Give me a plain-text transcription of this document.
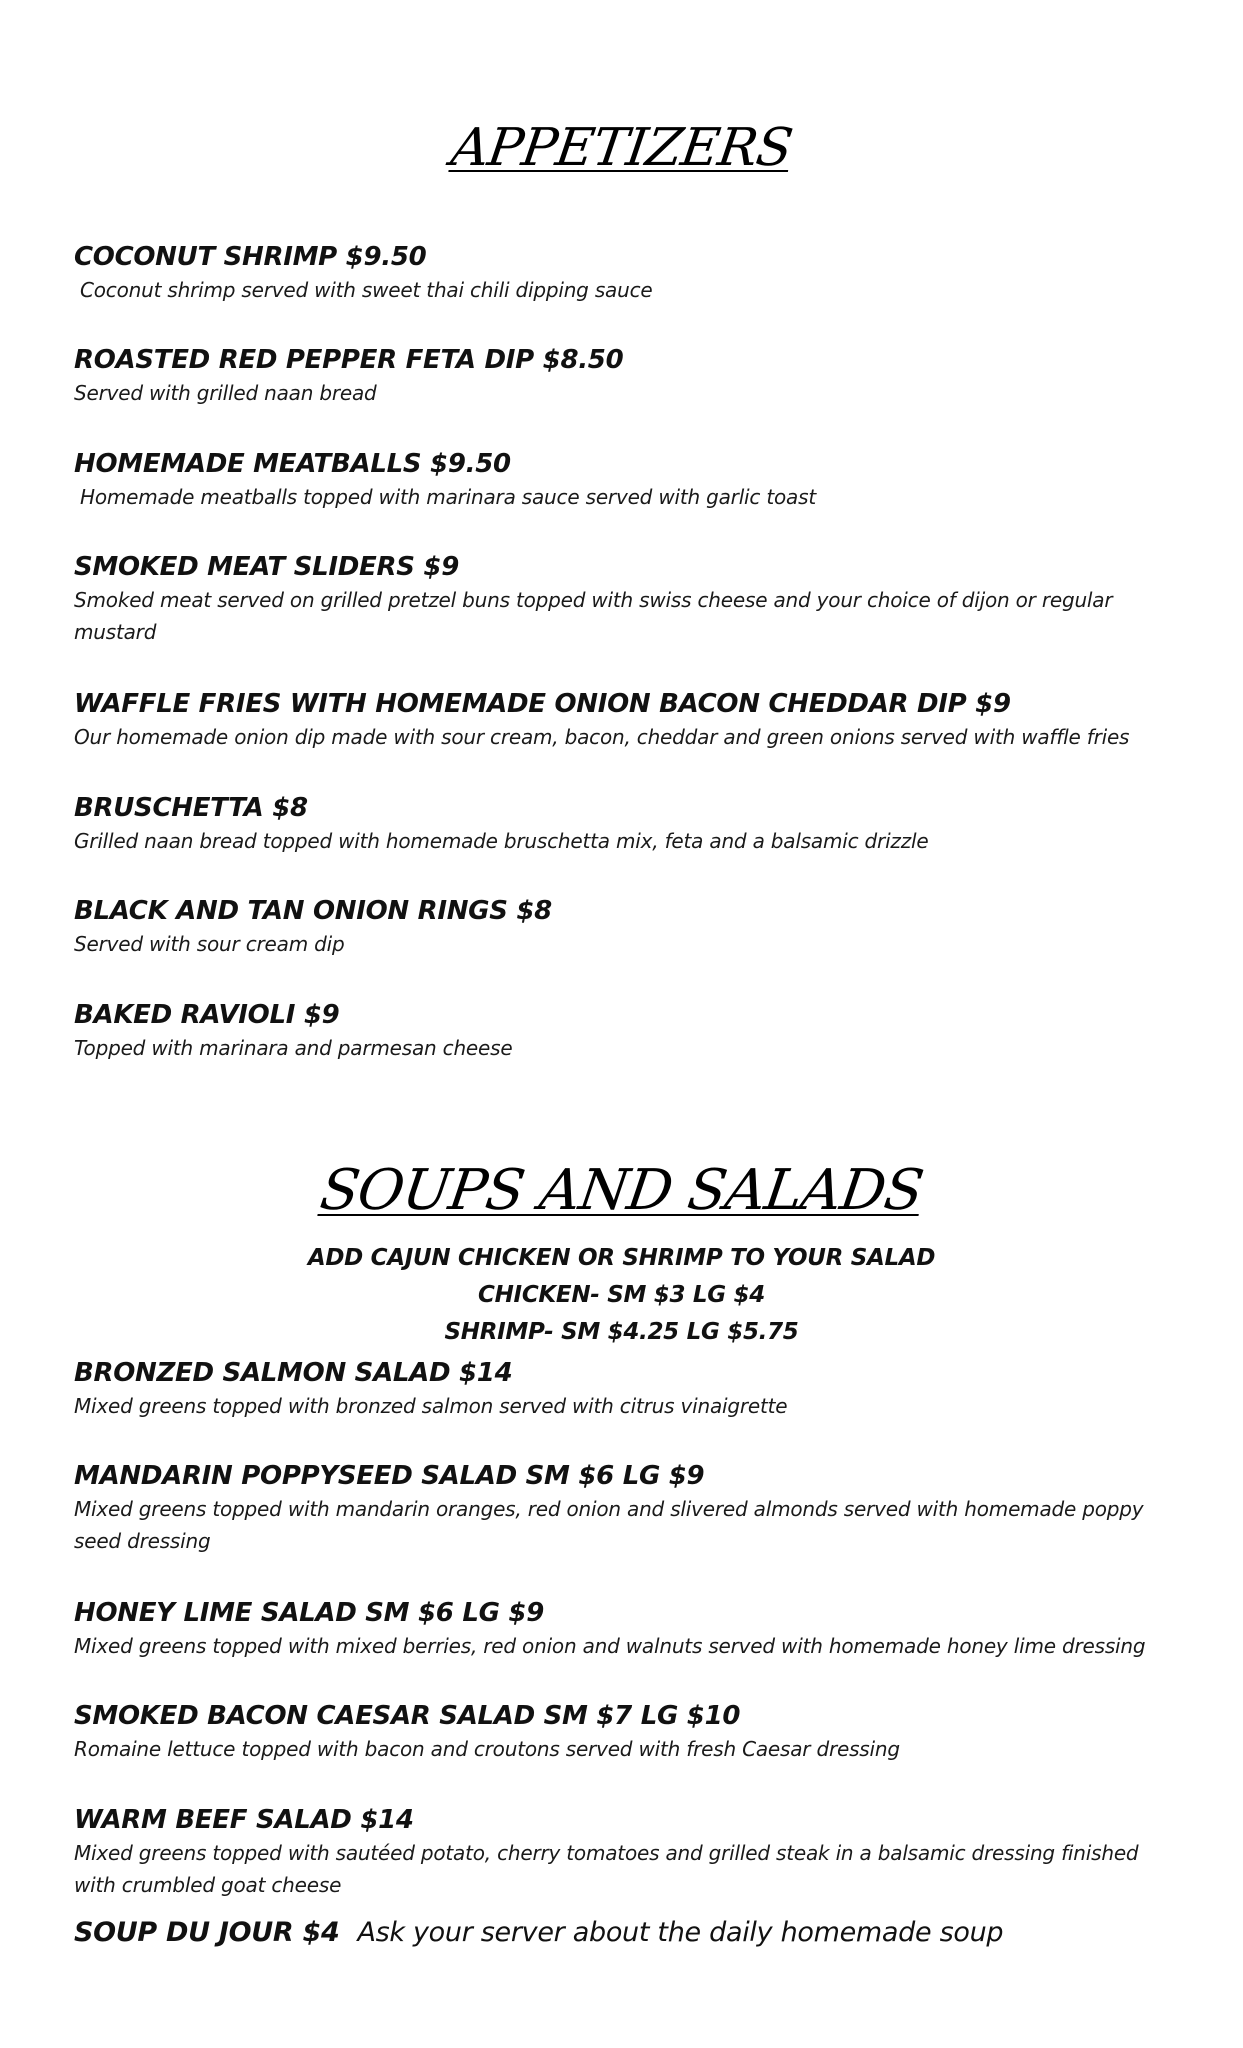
APPETIZERS
COCONUT SHRIMP $9.50
Coconut shrimp served with sweet thai chili dipping sauce
ROASTED RED PEPPER FETA DIP $8.50
Served with grilled naan bread
HOMEMADE MEATBALLS $9.50
Homemade meatballs topped with marinara sauce served with garlic toast
SMOKED MEAT SLIDERS $9
Smoked meat served on grilled pretzel buns topped with swiss cheese and your choice of dijon or regular mustard
WAFFLE FRIES WITH HOMEMADE ONION BACON CHEDDAR DIP $9
Our homemade onion dip made with sour cream, bacon, cheddar and green onions served with waffle fries
BRUSCHETTA $8
Grilled naan bread topped with homemade bruschetta mix, feta and a balsamic drizzle
BLACK AND TAN ONION RINGS $8
Served with sour cream dip
BAKED RAVIOLI $9
Topped with marinara and parmesan cheese
SOUPS AND SALADS
ADD CAJUN CHICKEN OR SHRIMP TO YOUR SALAD
CHICKEN- SM $3 LG $4
SHRIMP- SM $4.25 LG $5.75
BRONZED SALMON SALAD $14
Mixed greens topped with bronzed salmon served with citrus vinaigrette
MANDARIN POPPYSEED SALAD SM $6 LG $9
Mixed greens topped with mandarin oranges, red onion and slivered almonds served with homemade poppy seed dressing
HONEY LIME SALAD SM $6 LG $9
Mixed greens topped with mixed berries, red onion and walnuts served with homemade honey lime dressing
SMOKED BACON CAESAR SALAD SM $7 LG $10
Romaine lettuce topped with bacon and croutons served with fresh Caesar dressing
WARM BEEF SALAD $14
Mixed greens topped with sautéed potato, cherry tomatoes and grilled steak in a balsamic dressing finished with crumbled goat cheese
SOUP DU JOUR $4 Ask your server about the daily homemade soup
